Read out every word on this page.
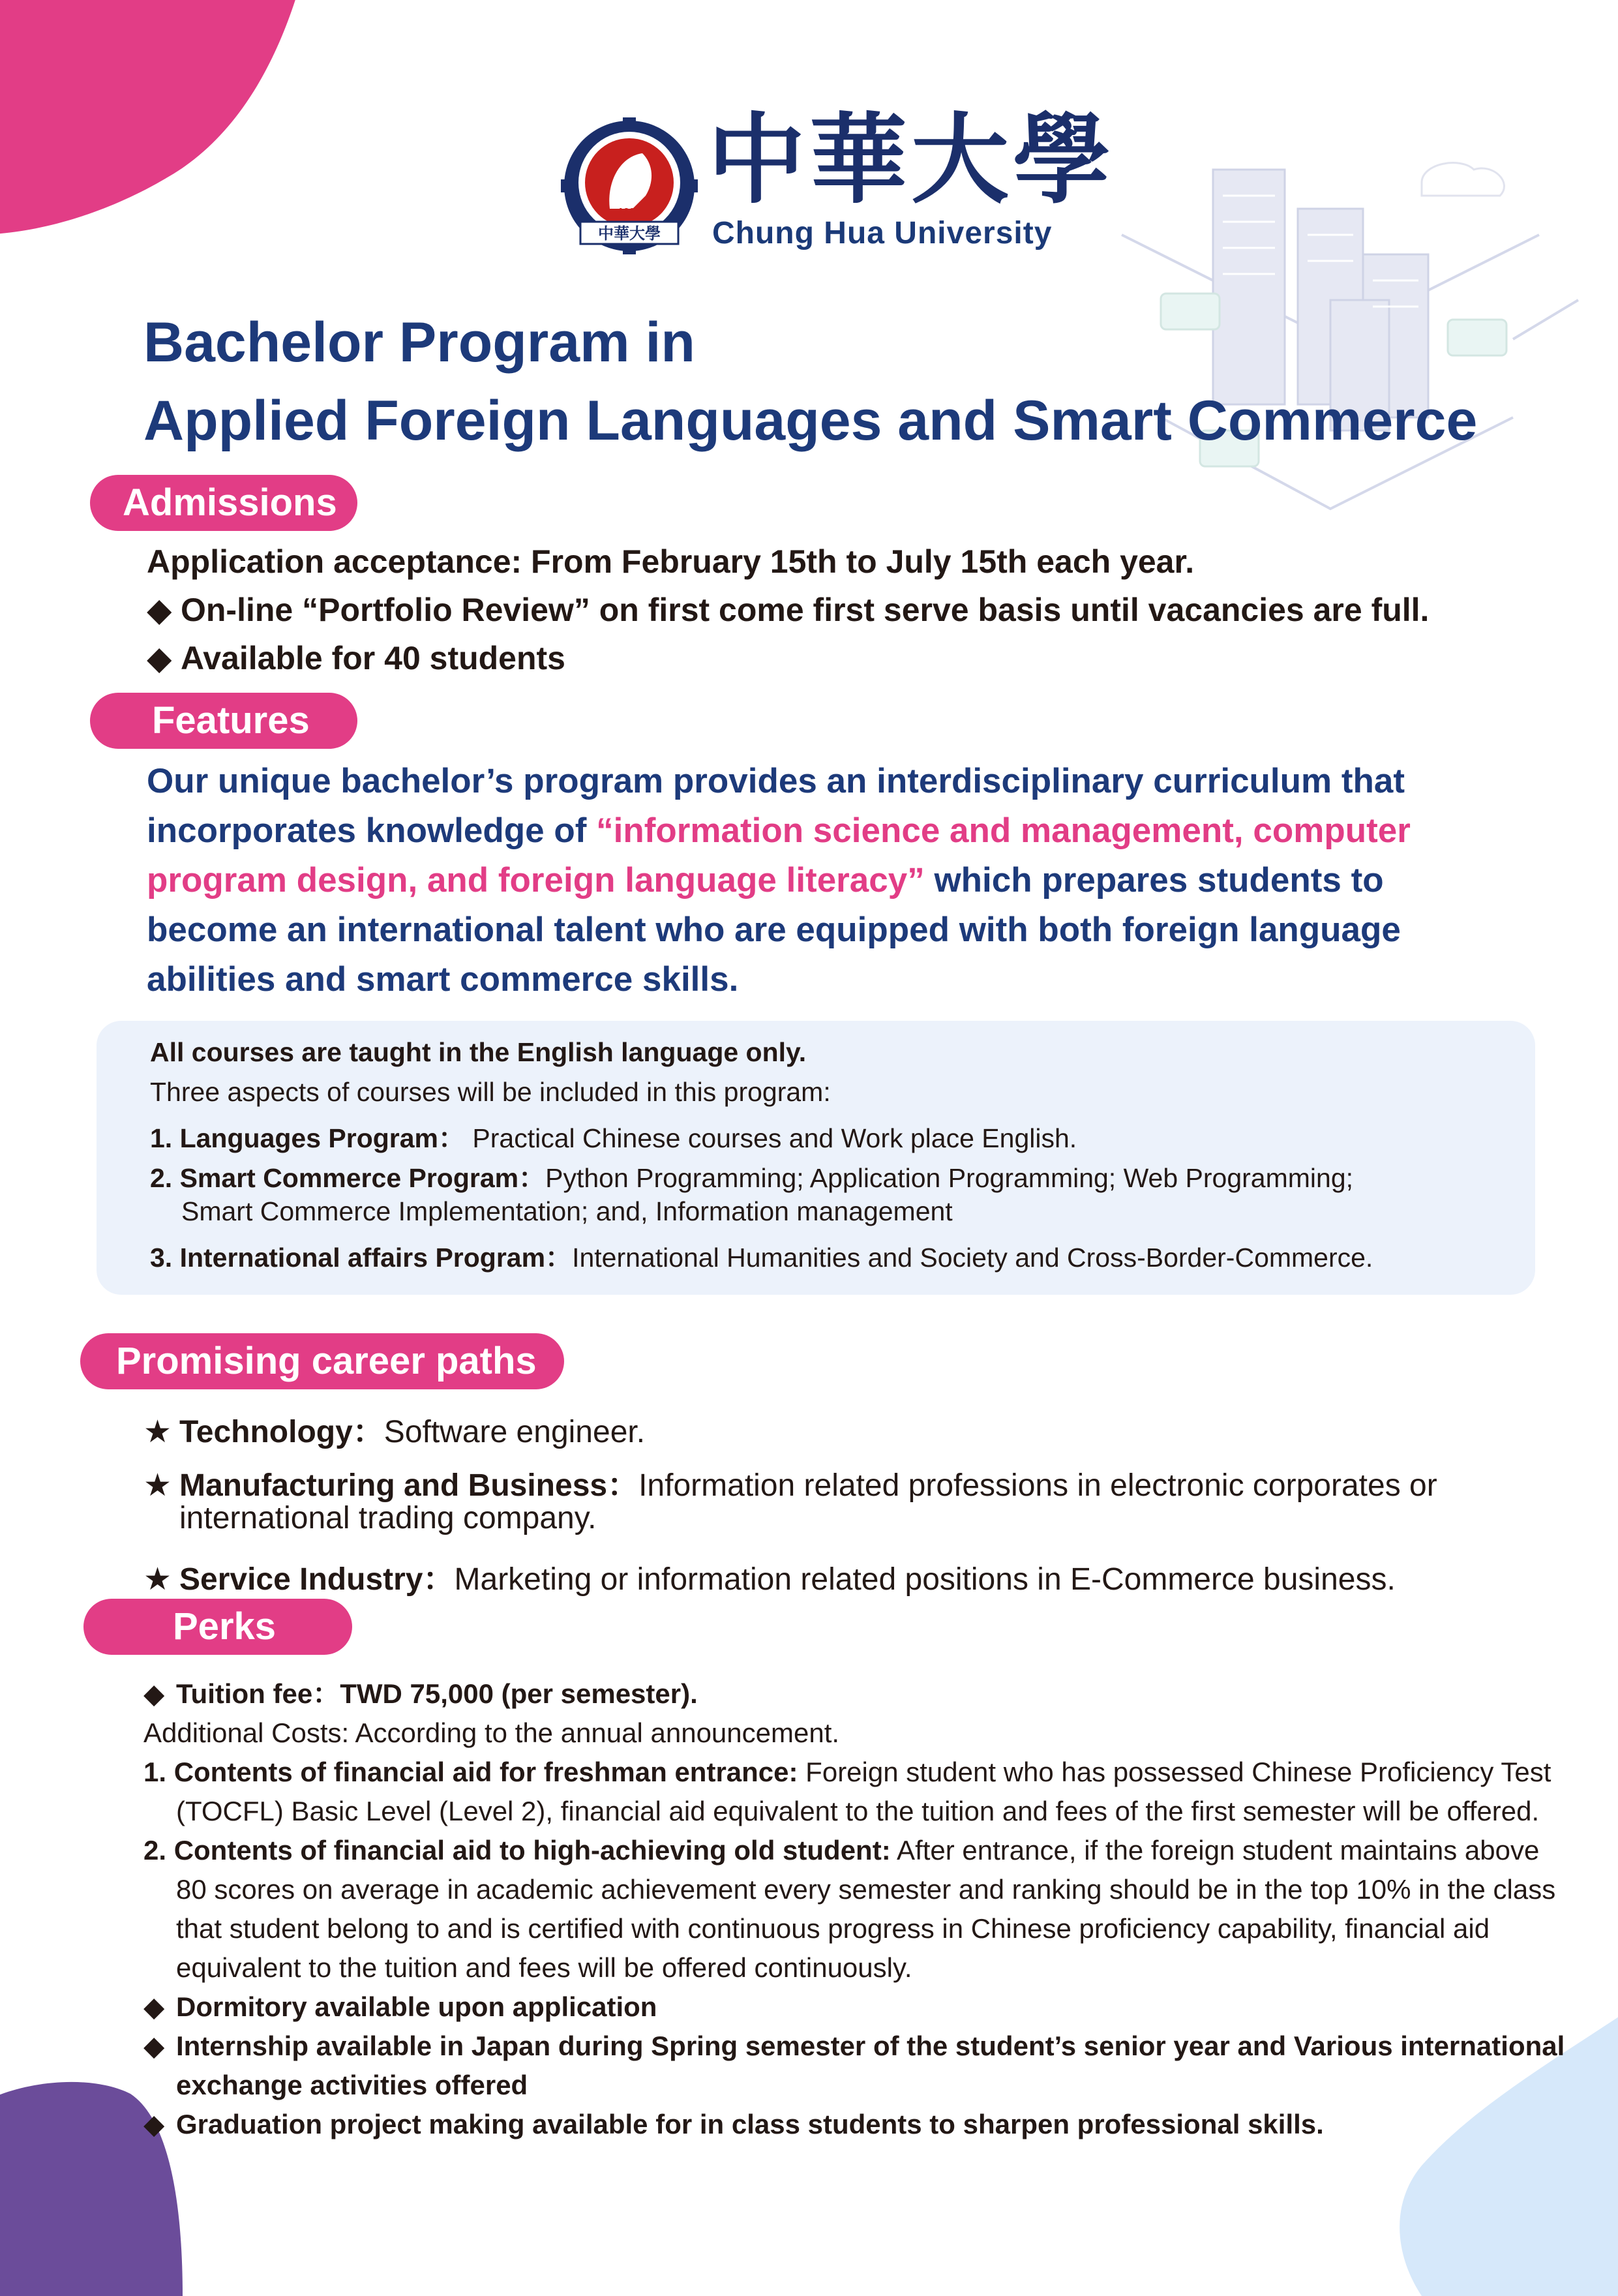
1990
中華大學
中華大學
Chung Hua University
Bachelor Program in
Applied Foreign Languages and Smart Commerce
Admissions
Application acceptance: From February 15th to July 15th each year.
◆ On-line “Portfolio Review” on first come first serve basis until vacancies are full.
◆ Available for 40 students
Features
Our unique bachelor’s program provides an interdisciplinary curriculum that incorporates knowledge of “information science and management, computer program design, and foreign language literacy” which prepares students to become an international talent who are equipped with both foreign language abilities and smart commerce skills.
All courses are taught in the English language only.
Three aspects of courses will be included in this program:
1. Languages Program： Practical Chinese courses and Work place English.
2. Smart Commerce Program：Python Programming; Application Programming; Web Programming;
Smart Commerce Implementation; and, Information management
3. International affairs Program：International Humanities and Society and Cross-Border-Commerce.
Promising career paths
★ Technology：Software engineer.
★ Manufacturing and Business：Information related professions in electronic corporates or
international trading company.
★ Service Industry：Marketing or information related positions in E-Commerce business.
Perks
◆ Tuition fee：TWD 75,000 (per semester).
Additional Costs: According to the annual announcement.
1. Contents of financial aid for freshman entrance: Foreign student who has possessed Chinese Proficiency Test
(TOCFL) Basic Level (Level 2), financial aid equivalent to the tuition and fees of the first semester will be offered.
2. Contents of financial aid to high-achieving old student: After entrance, if the foreign student maintains above
80 scores on average in academic achievement every semester and ranking should be in the top 10% in the class
that student belong to and is certified with continuous progress in Chinese proficiency capability, financial aid
equivalent to the tuition and fees will be offered continuously.
◆ Dormitory available upon application
◆ Internship available in Japan during Spring semester of the student’s senior year and Various international
exchange activities offered
◆ Graduation project making available for in class students to sharpen professional skills.
